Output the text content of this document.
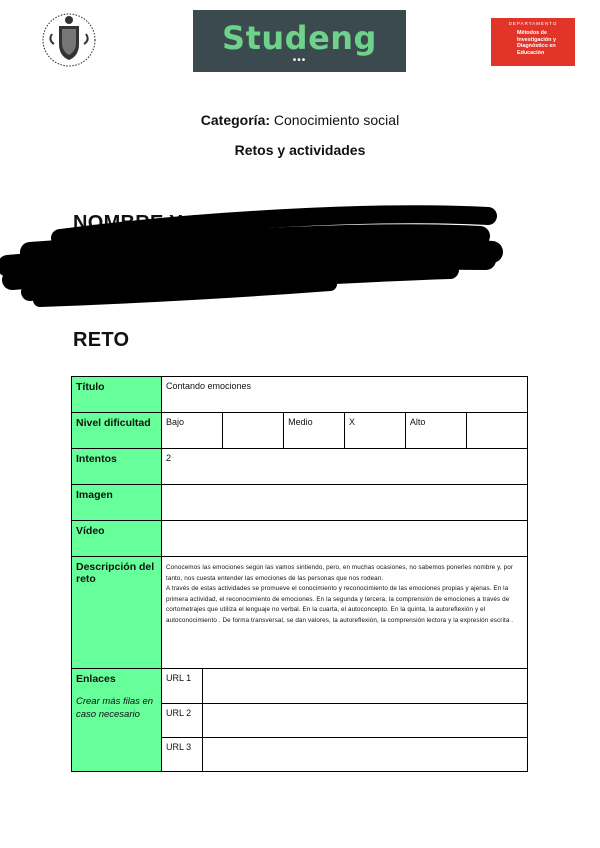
Studeng
•••
DEPARTAMENTO
Métodos de Investigación y Diagnóstico en Educación
Categoría: Conocimiento social
Retos y actividades
NOMBRE Y A
Correo
RETO
Título	Contando emociones
Nivel dificultad	Bajo		Medio	X	Alto	

Intentos	2
Imagen	
Vídeo	
Descripción del reto	
Conocemos las emociones según las vamos sintiendo, pero, en muchas ocasiones, no sabemos ponerles nombre y, por tanto, nos cuesta entender las emociones de las personas que nos rodean.
A través de estas actividades se promueve el conocimiento y reconocimiento de las emociones propias y ajenas. En la primera actividad, el reconocimiento de emociones. En la segunda y tercera, la comprensión de emociones a través de cortometrajes que utiliza el lenguaje no verbal. En la cuarta, el autoconcepto. En la quinta, la autoreflexión y el autoconocimiento . De forma transversal, se dan valores, la autoreflexión, la comprensión lectora y la expresión escrita .

Enlaces
Crear más filas en caso necesario

URL 1	
URL 2	
URL 3	
